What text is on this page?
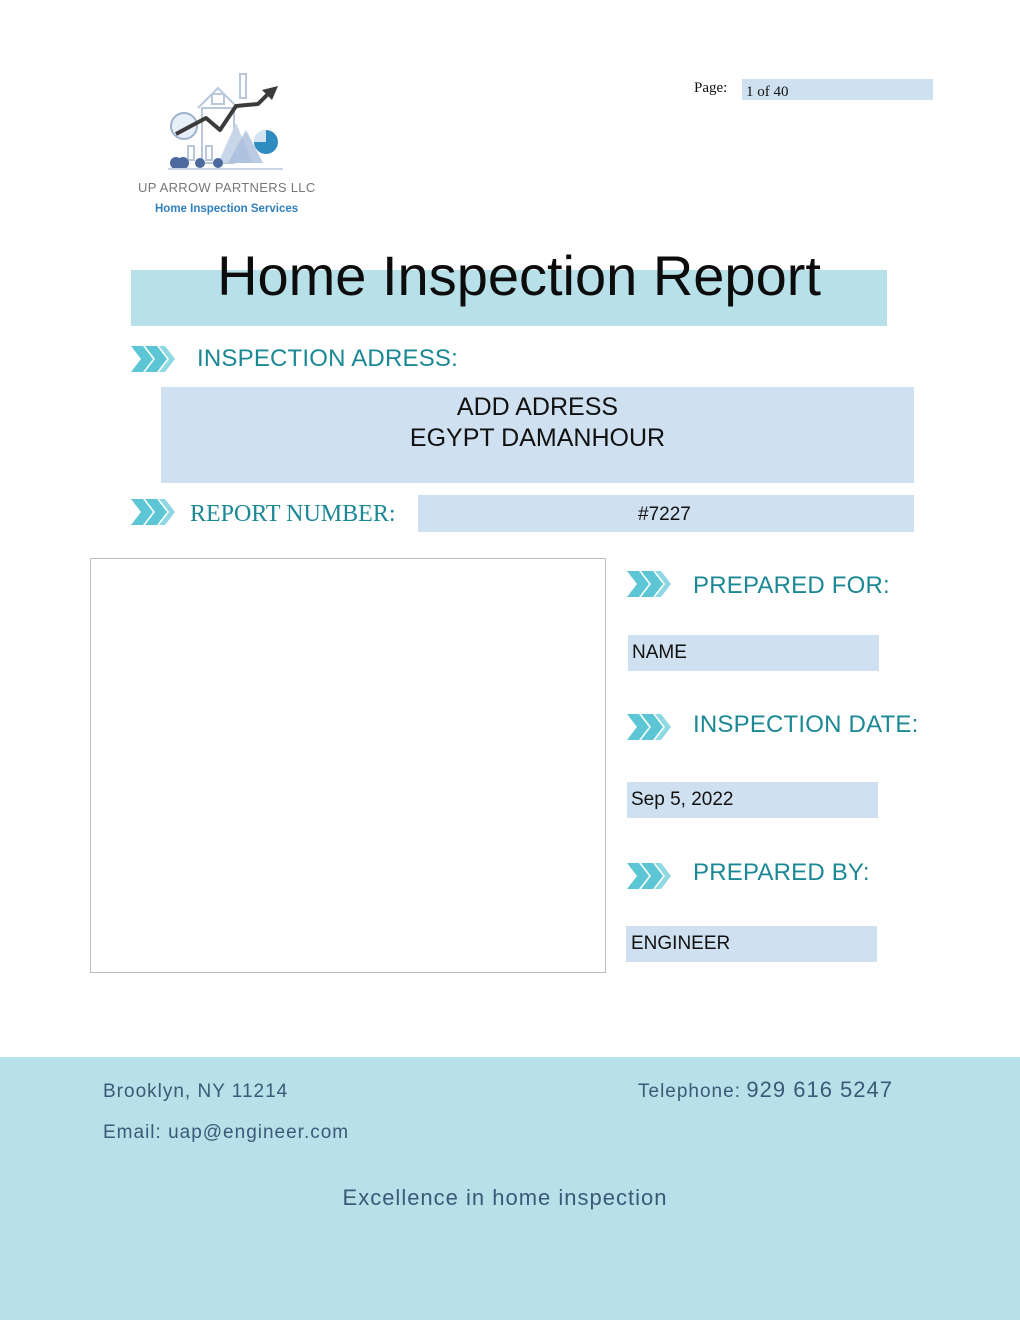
Page: 1 of 40
UP ARROW PARTNERS LLC
Home Inspection Services
Home Inspection Report
INSPECTION ADRESS:
ADD ADRESS
EGYPT DAMANHOUR
REPORT NUMBER:	#7227
PREPARED FOR:
NAME
INSPECTION DATE:
Sep 5, 2022
PREPARED BY:
ENGINEER
Brooklyn, NY 11214
Email: uap@engineer.com
Telephone: 929 616 5247
Excellence in home inspection
